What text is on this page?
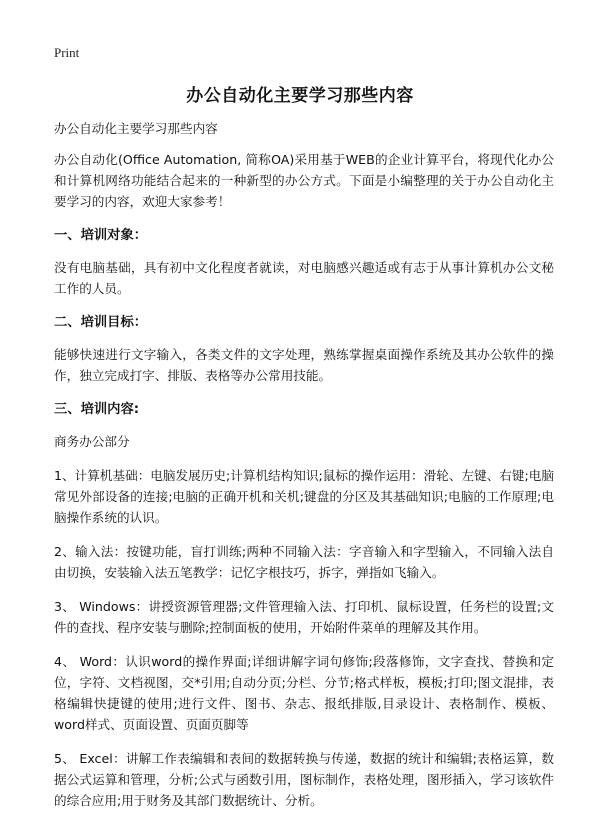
Print
办公自动化主要学习那些内容

办公自动化主要学习那些内容

办公自动化(Office Automation, 简称OA)采用基于WEB的企业计算平台，将现代化办公和计算机网络功能结合起来的一种新型的办公方式。下面是小编整理的关于办公自动化主要学习的内容，欢迎大家参考！

一、培训对象：

没有电脑基础，具有初中文化程度者就读，对电脑感兴趣适或有志于从事计算机办公文秘工作的人员。

二、培训目标：

能够快速进行文字输入，各类文件的文字处理，熟练掌握桌面操作系统及其办公软件的操作，独立完成打字、排版、表格等办公常用技能。

三、培训内容:

商务办公部分

1、计算机基础：电脑发展历史;计算机结构知识;鼠标的操作运用：滑轮、左键、右键;电脑常见外部设备的连接;电脑的正确开机和关机;键盘的分区及其基础知识;电脑的工作原理;电脑操作系统的认识。

2、输入法：按键功能，盲打训练;两种不同输入法：字音输入和字型输入，不同输入法自由切换，安装输入法五笔教学：记忆字根技巧，拆字，弹指如飞输入。

3、 Windows：讲授资源管理器;文件管理输入法、打印机、鼠标设置，任务栏的设置;文件的查找、程序安装与删除;控制面板的使用，开始附件菜单的理解及其作用。

4、 Word：认识word的操作界面;详细讲解字词句修饰;段落修饰，文字查找、替换和定位，字符、文档视图，交*引用;自动分页;分栏、分节;格式样板，模板;打印;图文混排，表格编辑快捷键的使用;进行文件、图书、杂志、报纸排版,目录设计、表格制作、模板、word样式、页面设置、页面页脚等

5、 Excel：讲解工作表编辑和表间的数据转换与传递，数据的统计和编辑;表格运算，数据公式运算和管理，分析;公式与函数引用，图标制作，表格处理，图形插入，学习该软件的综合应用;用于财务及其部门数据统计、分析。
